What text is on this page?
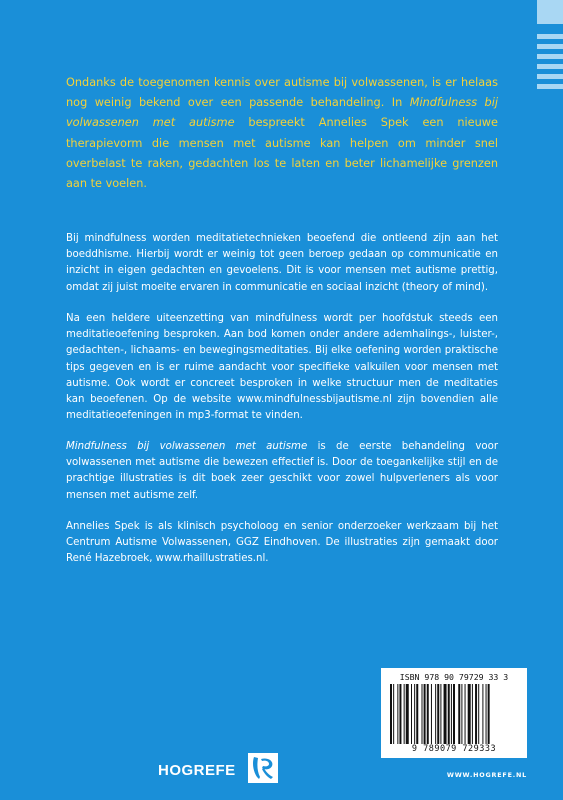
Ondanks de toegenomen kennis over autisme bij volwassenen, is er helaas nog weinig bekend over een passende behandeling. In Mindfulness bij volwassenen met autisme bespreekt Annelies Spek een nieuwe therapievorm die mensen met autisme kan helpen om minder snel overbelast te raken, gedachten los te laten en beter lichamelijke grenzen aan te voelen.

Bij mindfulness worden meditatietechnieken beoefend die ontleend zijn aan het boeddhisme. Hierbij wordt er weinig tot geen beroep gedaan op communicatie en inzicht in eigen gedachten en gevoelens. Dit is voor mensen met autisme prettig, omdat zij juist moeite ervaren in communicatie en sociaal inzicht (theory of mind).

Na een heldere uiteenzetting van mindfulness wordt per hoofdstuk steeds een meditatieoefening besproken. Aan bod komen onder andere ademhalings-, luister-, gedachten-, lichaams- en bewegingsmeditaties. Bij elke oefening worden praktische tips gegeven en is er ruime aandacht voor specifieke valkuilen voor mensen met autisme. Ook wordt er concreet besproken in welke structuur men de meditaties kan beoefenen. Op de website www.mindfulnessbijautisme.nl zijn bovendien alle meditatieoefeningen in mp3-format te vinden.

Mindfulness bij volwassenen met autisme is de eerste behandeling voor volwassenen met autisme die bewezen effectief is. Door de toegankelijke stijl en de prachtige illustraties is dit boek zeer geschikt voor zowel hulpverleners als voor mensen met autisme zelf.

Annelies Spek is als klinisch psycholoog en senior onderzoeker werkzaam bij het Centrum Autisme Volwassenen, GGZ Eindhoven. De illustraties zijn gemaakt door René Hazebroek, www.rhaillustraties.nl.

ISBN 978 90 79729 33 3

9 789079 729333

HOGREFE	WWW.HOGREFE.NL
